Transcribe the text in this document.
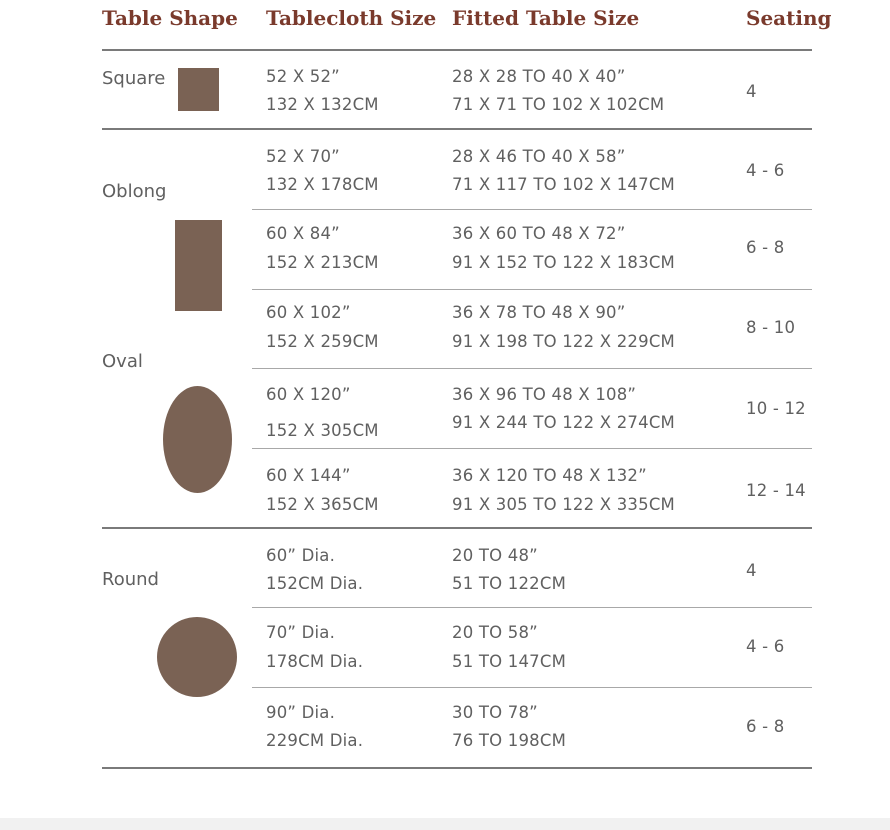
Table Shape Tablecloth Size Fitted Table Size	Seating
Square
Oblong
Oval
Round
52 X 52”
132 X 132CM
28 X 28 TO 40 X 40”
71 X 71 TO 102 X 102CM
4
52 X 70”
132 X 178CM
28 X 46 TO 40 X 58”
71 X 117 TO 102 X 147CM
4 - 6
60 X 84”
152 X 213CM
36 X 60 TO 48 X 72”
91 X 152 TO 122 X 183CM
6 - 8
60 X 102”
152 X 259CM
36 X 78 TO 48 X 90”
91 X 198 TO 122 X 229CM
8 - 10
60 X 120”
152 X 305CM
36 X 96 TO 48 X 108”
91 X 244 TO 122 X 274CM
10 - 12
60 X 144”
152 X 365CM
36 X 120 TO 48 X 132”
91 X 305 TO 122 X 335CM
12 - 14
60” Dia.
152CM Dia.
20 TO 48”
51 TO 122CM
4
70” Dia.
178CM Dia.
20 TO 58”
51 TO 147CM
4 - 6
90” Dia.
229CM Dia.
30 TO 78”
76 TO 198CM
6 - 8
